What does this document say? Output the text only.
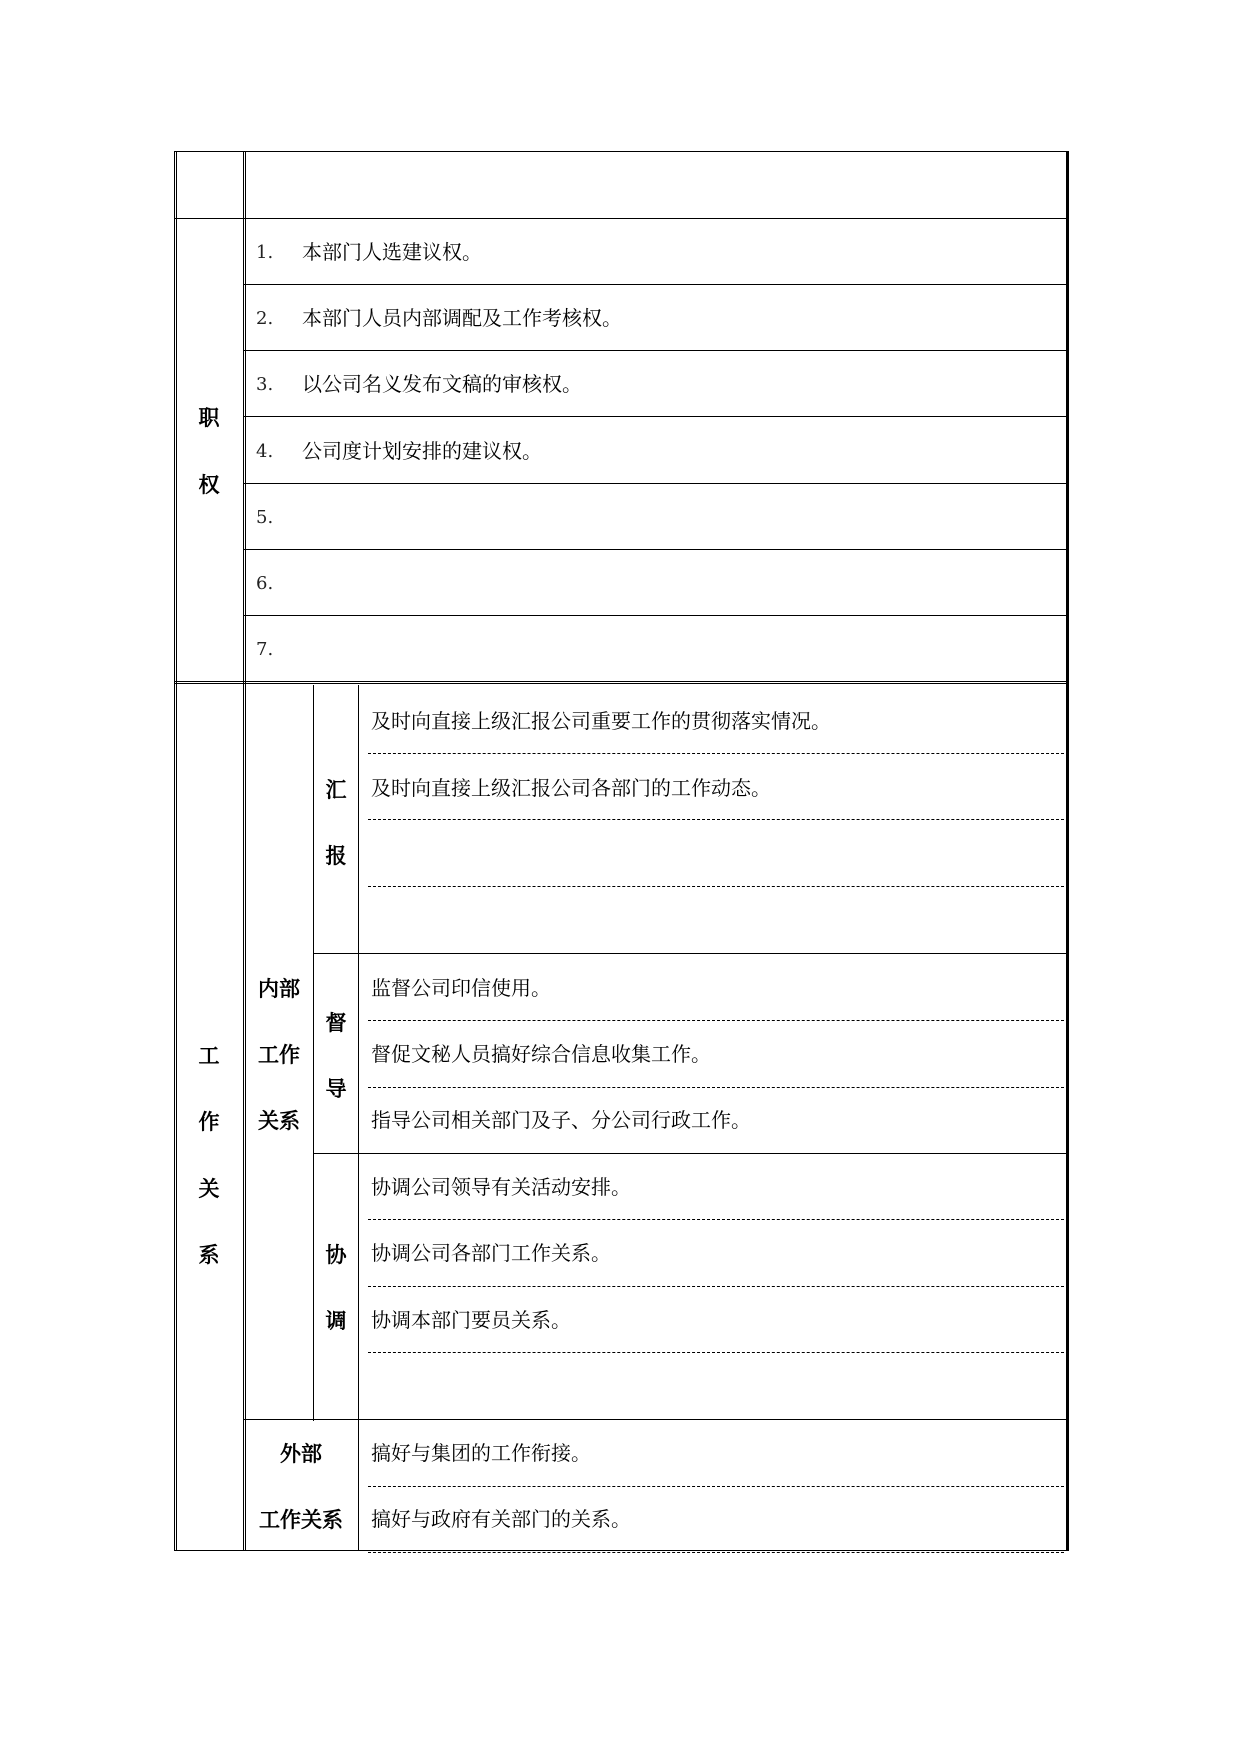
职
权
1. 本部门人选建议权。
2. 本部门人员内部调配及工作考核权。
3. 以公司名义发布文稿的审核权。
4. 公司度计划安排的建议权。
5.
6.
7.
工
作
关
系
内部
工作
关系
汇
报
及时向直接上级汇报公司重要工作的贯彻落实情况。
及时向直接上级汇报公司各部门的工作动态。
督
导
监督公司印信使用。
督促文秘人员搞好综合信息收集工作。
指导公司相关部门及子、分公司行政工作。
协
调
协调公司领导有关活动安排。
协调公司各部门工作关系。
协调本部门要员关系。
外部
工作关系
搞好与集团的工作衔接。
搞好与政府有关部门的关系。
